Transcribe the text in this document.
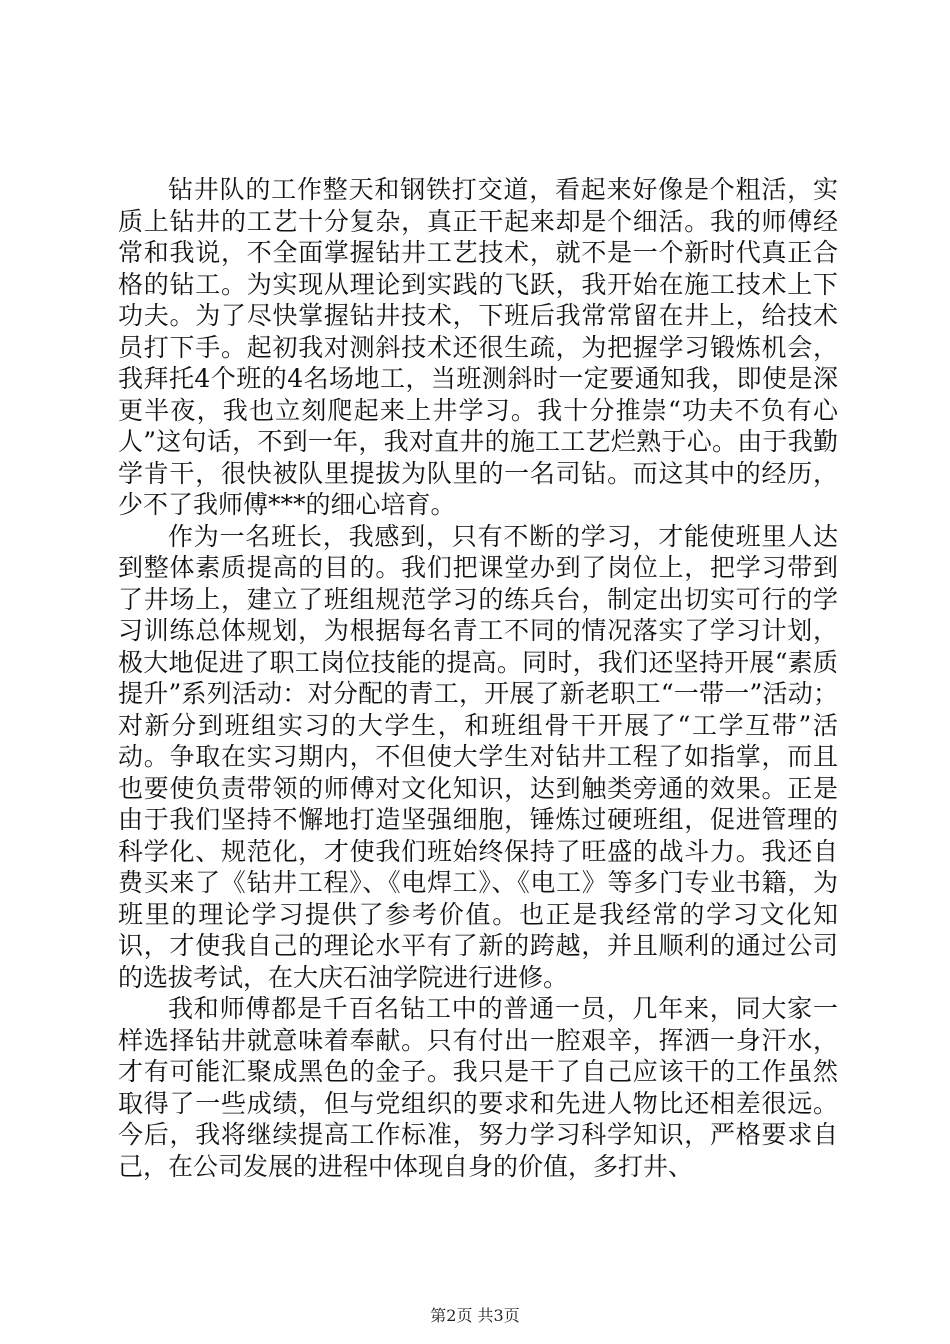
钻井队的工作整天和钢铁打交道，看起来好像是个粗活，实质上钻井的工艺十分复杂，真正干起来却是个细活。我的师傅经常和我说，不全面掌握钻井工艺技术，就不是一个新时代真正合格的钻工。为实现从理论到实践的飞跃，我开始在施工技术上下功夫。为了尽快掌握钻井技术，下班后我常常留在井上，给技术员打下手。起初我对测斜技术还很生疏，为把握学习锻炼机会，我拜托4个班的4名场地工，当班测斜时一定要通知我，即使是深更半夜，我也立刻爬起来上井学习。我十分推崇“功夫不负有心人”这句话，不到一年，我对直井的施工工艺烂熟于心。由于我勤学肯干，很快被队里提拔为队里的一名司钻。而这其中的经历，少不了我师傅***的细心培育。

作为一名班长，我感到，只有不断的学习，才能使班里人达到整体素质提高的目的。我们把课堂办到了岗位上，把学习带到了井场上，建立了班组规范学习的练兵台，制定出切实可行的学习训练总体规划，为根据每名青工不同的情况落实了学习计划，极大地促进了职工岗位技能的提高。同时，我们还坚持开展“素质提升”系列活动：对分配的青工，开展了新老职工“一带一”活动；对新分到班组实习的大学生，和班组骨干开展了“工学互带”活动。争取在实习期内，不但使大学生对钻井工程了如指掌，而且也要使负责带领的师傅对文化知识，达到触类旁通的效果。正是由于我们坚持不懈地打造坚强细胞，锤炼过硬班组，促进管理的科学化、规范化，才使我们班始终保持了旺盛的战斗力。我还自费买来了《钻井工程》、《电焊工》、《电工》等多门专业书籍，为班里的理论学习提供了参考价值。也正是我经常的学习文化知识，才使我自己的理论水平有了新的跨越，并且顺利的通过公司的选拔考试，在大庆石油学院进行进修。

我和师傅都是千百名钻工中的普通一员，几年来，同大家一样选择钻井就意味着奉献。只有付出一腔艰辛，挥洒一身汗水，才有可能汇聚成黑色的金子。我只是干了自己应该干的工作虽然取得了一些成绩，但与党组织的要求和先进人物比还相差很远。今后，我将继续提高工作标准，努力学习科学知识，严格要求自己，在公司发展的进程中体现自身的价值，多打井、

第2页 共3页
